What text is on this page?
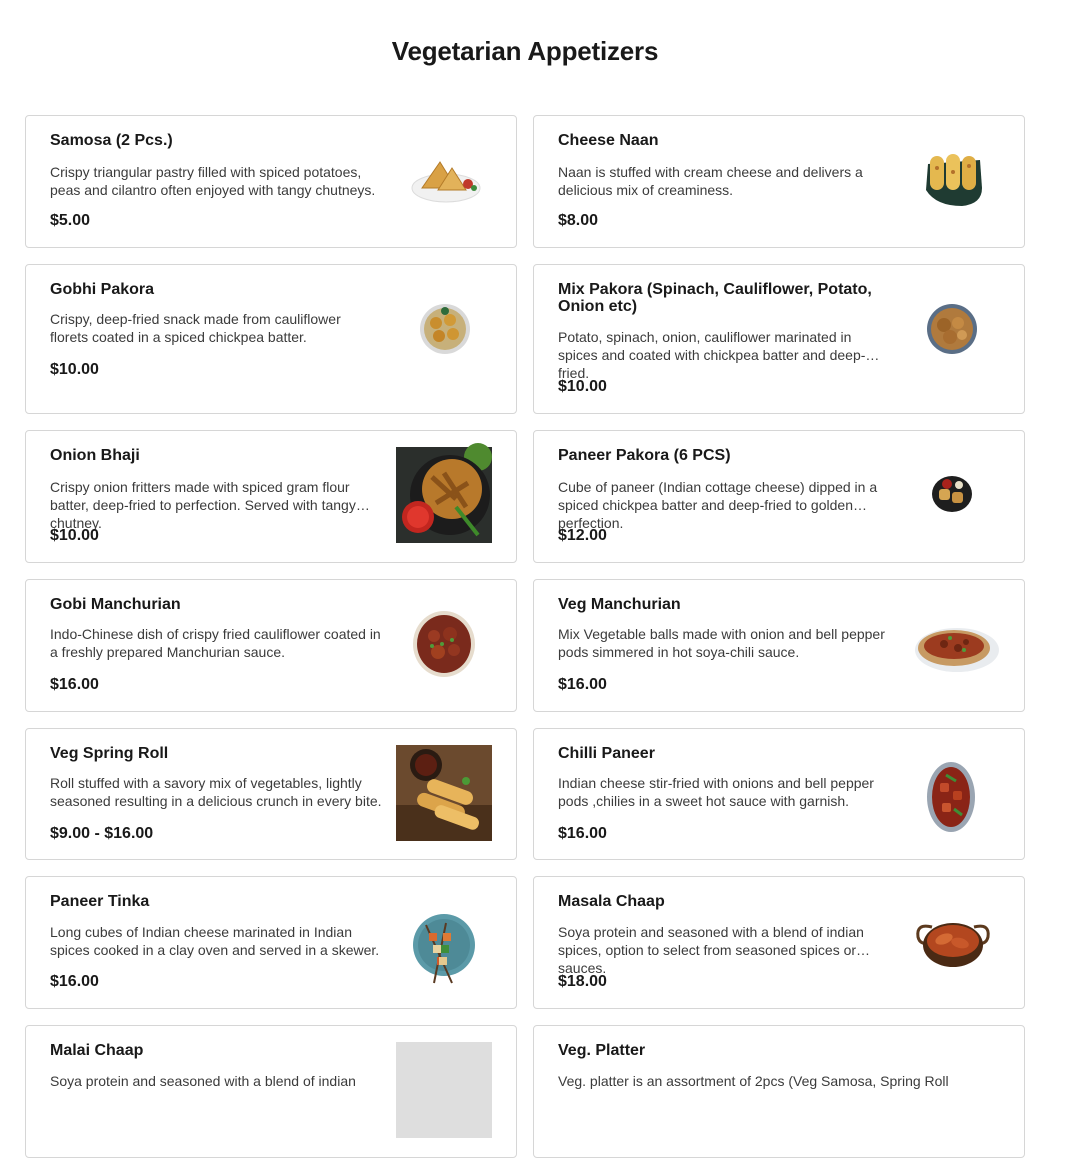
Vegetarian Appetizers
Samosa (2 Pcs.)
Crispy triangular pastry filled with spiced potatoes, peas and cilantro often enjoyed with tangy chutneys.
$5.00
Cheese Naan
Naan is stuffed with cream cheese and delivers a delicious mix of creaminess.
$8.00
Gobhi Pakora
Crispy, deep-fried snack made from cauliflower florets coated in a spiced chickpea batter.
$10.00
Mix Pakora (Spinach, Cauliflower, Potato, Onion etc)
Potato, spinach, onion, cauliflower marinated in spices and coated with chickpea batter and deep-fried.
$10.00
Onion Bhaji
Crispy onion fritters made with spiced gram flour batter, deep-fried to perfection. Served with tangy chutney.
$10.00
Paneer Pakora (6 PCS)
Cube of paneer (Indian cottage cheese) dipped in a spiced chickpea batter and deep-fried to golden perfection.
$12.00
Gobi Manchurian
Indo-Chinese dish of crispy fried cauliflower coated in a freshly prepared Manchurian sauce.
$16.00
Veg Manchurian
Mix Vegetable balls made with onion and bell pepper pods simmered in hot soya-chili sauce.
$16.00
Veg Spring Roll
Roll stuffed with a savory mix of vegetables, lightly seasoned resulting in a delicious crunch in every bite.
$9.00 - $16.00
Chilli Paneer
Indian cheese stir-fried with onions and bell pepper pods ,chilies in a sweet hot sauce with garnish.
$16.00
Paneer Tinka
Long cubes of Indian cheese marinated in Indian spices cooked in a clay oven and served in a skewer.
$16.00
Masala Chaap
Soya protein and seasoned with a blend of indian spices, option to select from seasoned spices or sauces.
$18.00
Malai Chaap
Soya protein and seasoned with a blend of indian
Veg. Platter
Veg. platter is an assortment of 2pcs (Veg Samosa, Spring Roll
